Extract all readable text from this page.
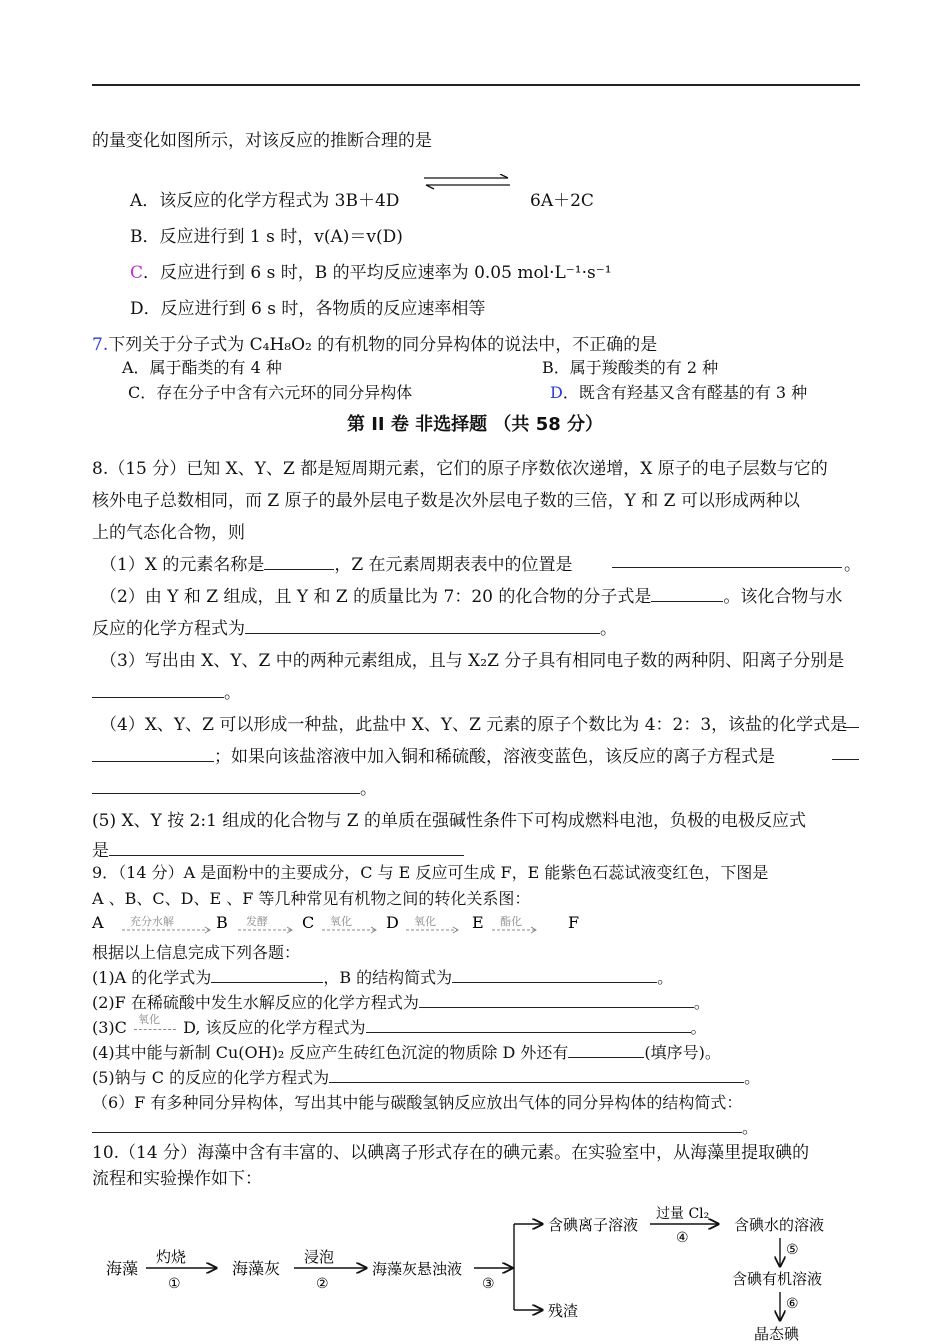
的量变化如图所示，对该反应的推断合理的是
A．该反应的化学方程式为 3B＋4D	6A＋2C
B．反应进行到 1 s 时，v(A)＝v(D)
C．反应进行到 6 s 时，B 的平均反应速率为 0.05 mol·L⁻¹·s⁻¹
D．反应进行到 6 s 时，各物质的反应速率相等
7.下列关于分子式为 C₄H₈O₂ 的有机物的同分异构体的说法中，不正确的是
A．属于酯类的有 4 种	B．属于羧酸类的有 2 种
C．存在分子中含有六元环的同分异构体	D．既含有羟基又含有醛基的有 3 种
第 II 卷 非选择题 （共 58 分）
8.（15 分）已知 X、Y、Z 都是短周期元素，它们的原子序数依次递增，X 原子的电子层数与它的
核外电子总数相同，而 Z 原子的最外层电子数是次外层电子数的三倍，Y 和 Z 可以形成两种以
上的气态化合物，则
（1）X 的元素名称是	，Z 在元素周期表表中的位置是	。
（2）由 Y 和 Z 组成，且 Y 和 Z 的质量比为 7：20 的化合物的分子式是	。该化合物与水
反应的化学方程式为	。
（3）写出由 X、Y、Z 中的两种元素组成，且与 X₂Z 分子具有相同电子数的两种阴、阳离子分别是
。
（4）X、Y、Z 可以形成一种盐，此盐中 X、Y、Z 元素的原子个数比为 4：2：3，该盐的化学式是
；如果向该盐溶液中加入铜和稀硫酸，溶液变蓝色，该反应的离子方程式是
。
(5) X、Y 按 2:1 组成的化合物与 Z 的单质在强碱性条件下可构成燃料电池，负极的电极反应式
是
9．（14 分）A 是面粉中的主要成分，C 与 E 反应可生成 F，E 能紫色石蕊试液变红色，下图是
A 、B、C、D、E 、F 等几种常见有机物之间的转化关系图：
A	B	C	D	E	F
充分水解	发酵	氧化	氧化	酯化
根据以上信息完成下列各题：
(1)A 的化学式为	，B 的结构简式为	。
(2)F 在稀硫酸中发生水解反应的化学方程式为	。
(3)C 氧化 D, 该反应的化学方程式为	。
(4)其中能与新制 Cu(OH)₂ 反应产生砖红色沉淀的物质除 D 外还有	(填序号)。
(5)钠与 C 的反应的化学方程式为	。
（6）F 有多种同分异构体，写出其中能与碳酸氢钠反应放出气体的同分异构体的结构简式：
。
10.（14 分）海藻中含有丰富的、以碘离子形式存在的碘元素。在实验室中，从海藻里提取碘的
流程和实验操作如下：
海藻
灼烧
①
海藻灰
浸泡
②
海藻灰悬浊液
③
含碘离子溶液
残渣
过量 Cl₂
④
含碘水的溶液
⑤
含碘有机溶液
⑥
晶态碘
